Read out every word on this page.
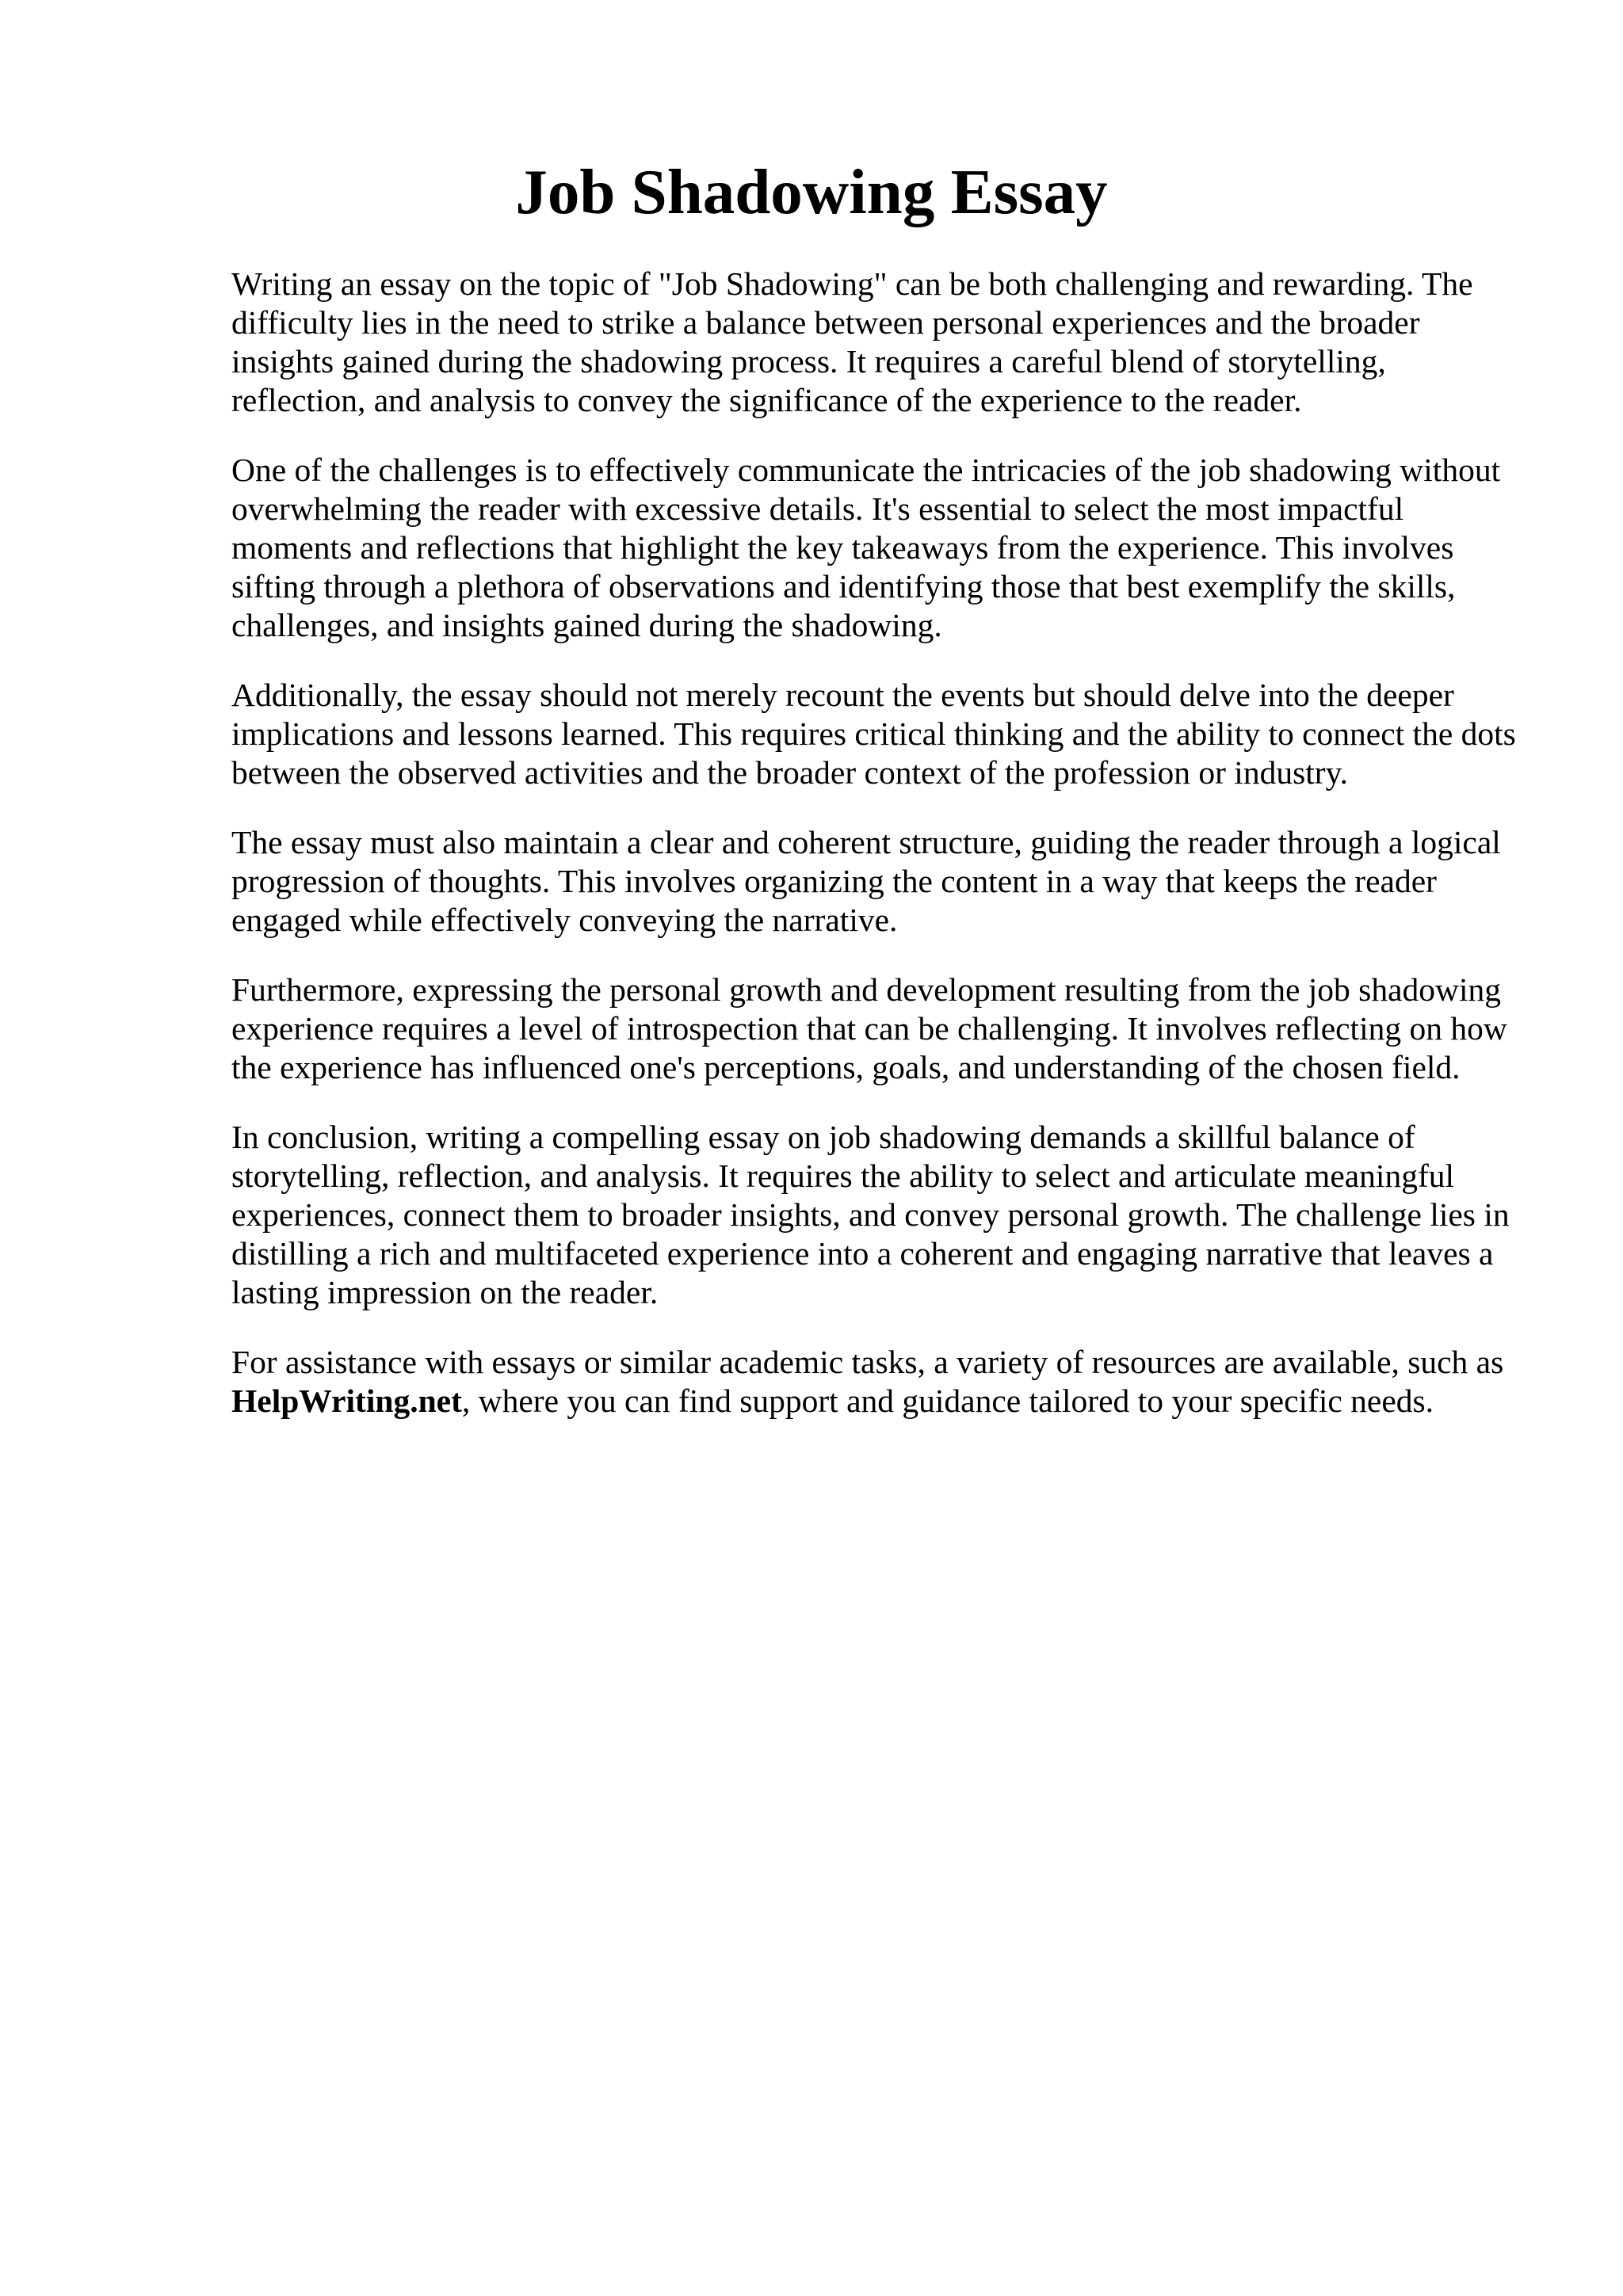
Job Shadowing Essay

Writing an essay on the topic of "Job Shadowing" can be both challenging and rewarding. The
difficulty lies in the need to strike a balance between personal experiences and the broader
insights gained during the shadowing process. It requires a careful blend of storytelling,
reflection, and analysis to convey the significance of the experience to the reader.

One of the challenges is to effectively communicate the intricacies of the job shadowing without
overwhelming the reader with excessive details. It's essential to select the most impactful
moments and reflections that highlight the key takeaways from the experience. This involves
sifting through a plethora of observations and identifying those that best exemplify the skills,
challenges, and insights gained during the shadowing.

Additionally, the essay should not merely recount the events but should delve into the deeper
implications and lessons learned. This requires critical thinking and the ability to connect the dots
between the observed activities and the broader context of the profession or industry.

The essay must also maintain a clear and coherent structure, guiding the reader through a logical
progression of thoughts. This involves organizing the content in a way that keeps the reader
engaged while effectively conveying the narrative.

Furthermore, expressing the personal growth and development resulting from the job shadowing
experience requires a level of introspection that can be challenging. It involves reflecting on how
the experience has influenced one's perceptions, goals, and understanding of the chosen field.

In conclusion, writing a compelling essay on job shadowing demands a skillful balance of
storytelling, reflection, and analysis. It requires the ability to select and articulate meaningful
experiences, connect them to broader insights, and convey personal growth. The challenge lies in
distilling a rich and multifaceted experience into a coherent and engaging narrative that leaves a
lasting impression on the reader.

For assistance with essays or similar academic tasks, a variety of resources are available, such as
HelpWriting.net, where you can find support and guidance tailored to your specific needs.
